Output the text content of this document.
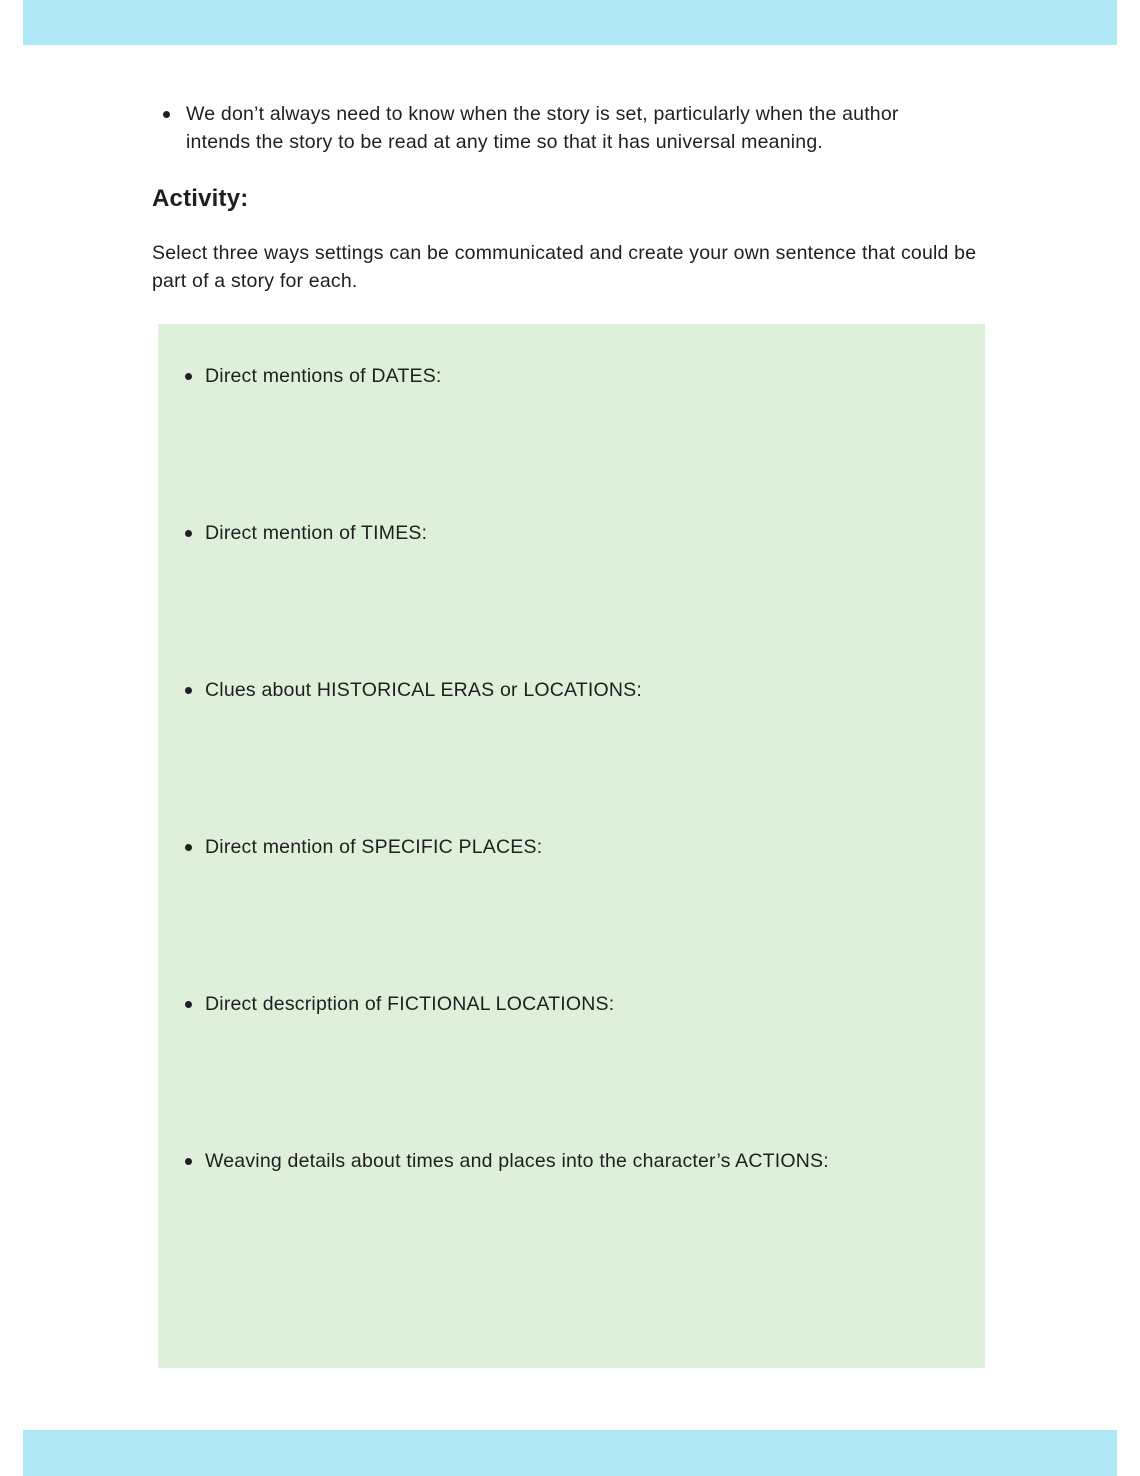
We don’t always need to know when the story is set, particularly when the author intends the story to be read at any time so that it has universal meaning.
Activity:

Select three ways settings can be communicated and create your own sentence that could be part of a story for each.

Direct mentions of DATES:
Direct mention of TIMES:
Clues about HISTORICAL ERAS or LOCATIONS:
Direct mention of SPECIFIC PLACES:
Direct description of FICTIONAL LOCATIONS:
Weaving details about times and places into the character’s ACTIONS:
